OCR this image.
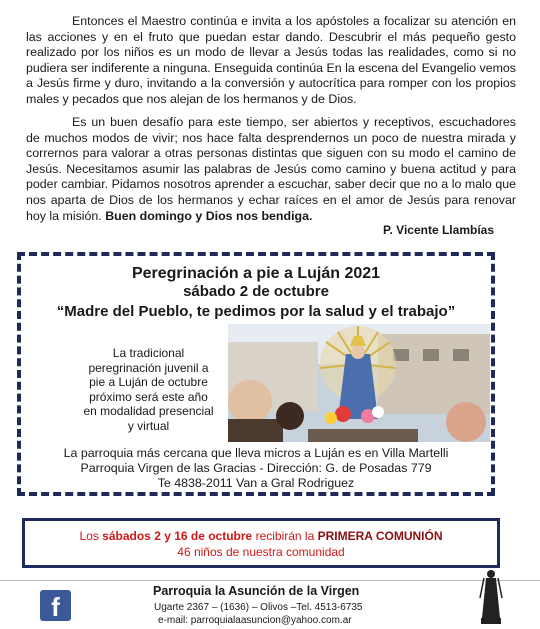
Entonces el Maestro continúa e invita a los apóstoles a focalizar su atención en las acciones y en el fruto que puedan estar dando. Descubrir el más pequeño gesto realizado por los niños es un modo de llevar a Jesús todas las realidades, como si no pudiera ser indiferente a ninguna. Enseguida continúa En la escena del Evangelio vemos a Jesús firme y duro, invitando a la conversión y autocrítica para romper con los propios males y pecados que nos alejan de los hermanos y de Dios.
Es un buen desafío para este tiempo, ser abiertos y receptivos, escuchadores de muchos modos de vivir; nos hace falta desprendernos un poco de nuestra mirada y corrernos para valorar a otras personas distintas que siguen con su modo el camino de Jesús. Necesitamos asumir las palabras de Jesús como camino y buena actitud y para poder cambiar. Pidamos nosotros aprender a escuchar, saber decir que no a lo malo que nos aparta de Dios de los hermanos y echar raíces en el amor de Jesús para renovar hoy la misión. Buen domingo y Dios nos bendiga.
P. Vicente Llambías
Peregrinación a pie a Luján 2021
sábado 2 de octubre
“Madre del Pueblo, te pedimos por la salud y el trabajo”
La tradicional peregrinación juvenil a pie a Luján de octubre próximo será este año en modalidad presencial y virtual
La parroquia más cercana que lleva micros a Luján es en Villa Martelli
Parroquia Virgen de las Gracias - Dirección: G. de Posadas 779
Te 4838-2011 Van a Gral Rodriguez
Los sábados 2 y 16 de octubre recibirán la PRIMERA COMUNIÓN
46 niños de nuestra comunidad
f
Parroquia la Asunción de la Virgen
Ugarte 2367 – (1636) – Olivos –Tel. 4513-6735
e-mail: parroquialaasuncion@yahoo.com.ar
